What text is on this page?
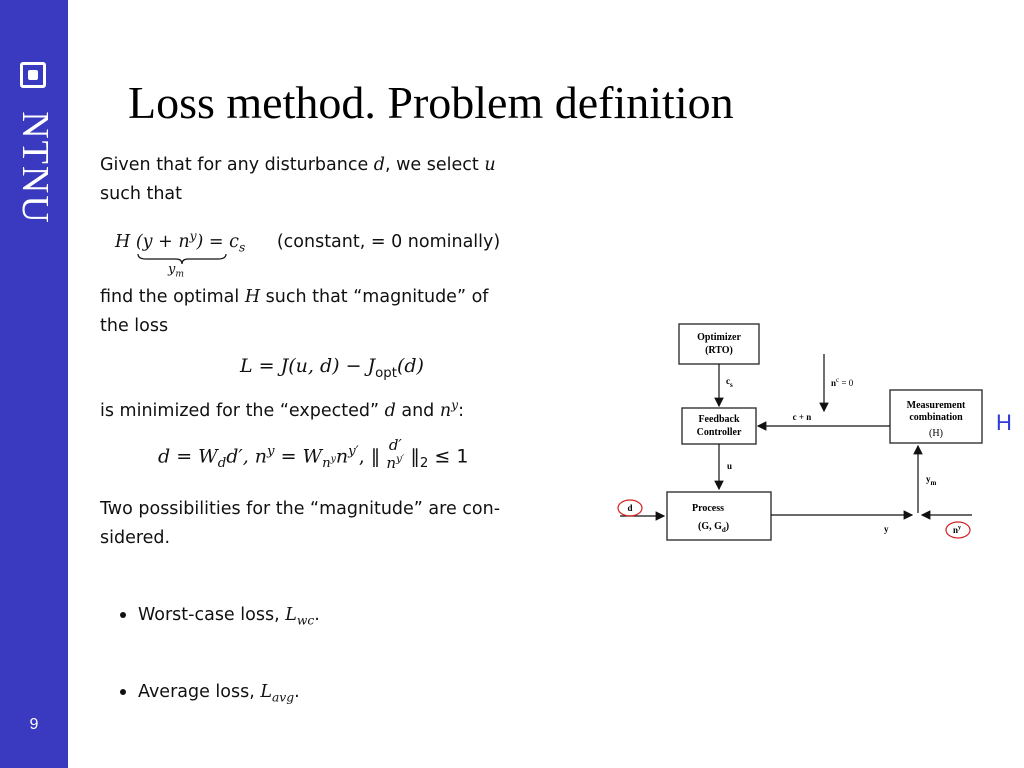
NTNU
9
Loss method. Problem definition
Given that for any disturbance d, we select u
such that
H $(y + n^y) = c_s$ (constant, = 0 nominally)
$y_m$
find the optimal H such that “magnitude” of
the loss
L = J(u, $d) - J_{opt}(d)$
is minimized for the “expected” d and $n^y$:
$d = W_dd'$, $n^y = W_{n^y}n^{y'}$, ‖
d′
$n^{y'}$ $‖_2 \le 1$
Two possibilities for the “magnitude” are con-
sidered.
Worst-case loss, $L_{wc}$.
Average loss, $L_{avg}$.
Optimizer
(RTO)
$c_s$	$n^c = 0$
Feedback
Controller
Measurement
combination
(H)
c + n
u
Process
(G, $G_d$)
d
y	$n^y$
$y_m$
H
